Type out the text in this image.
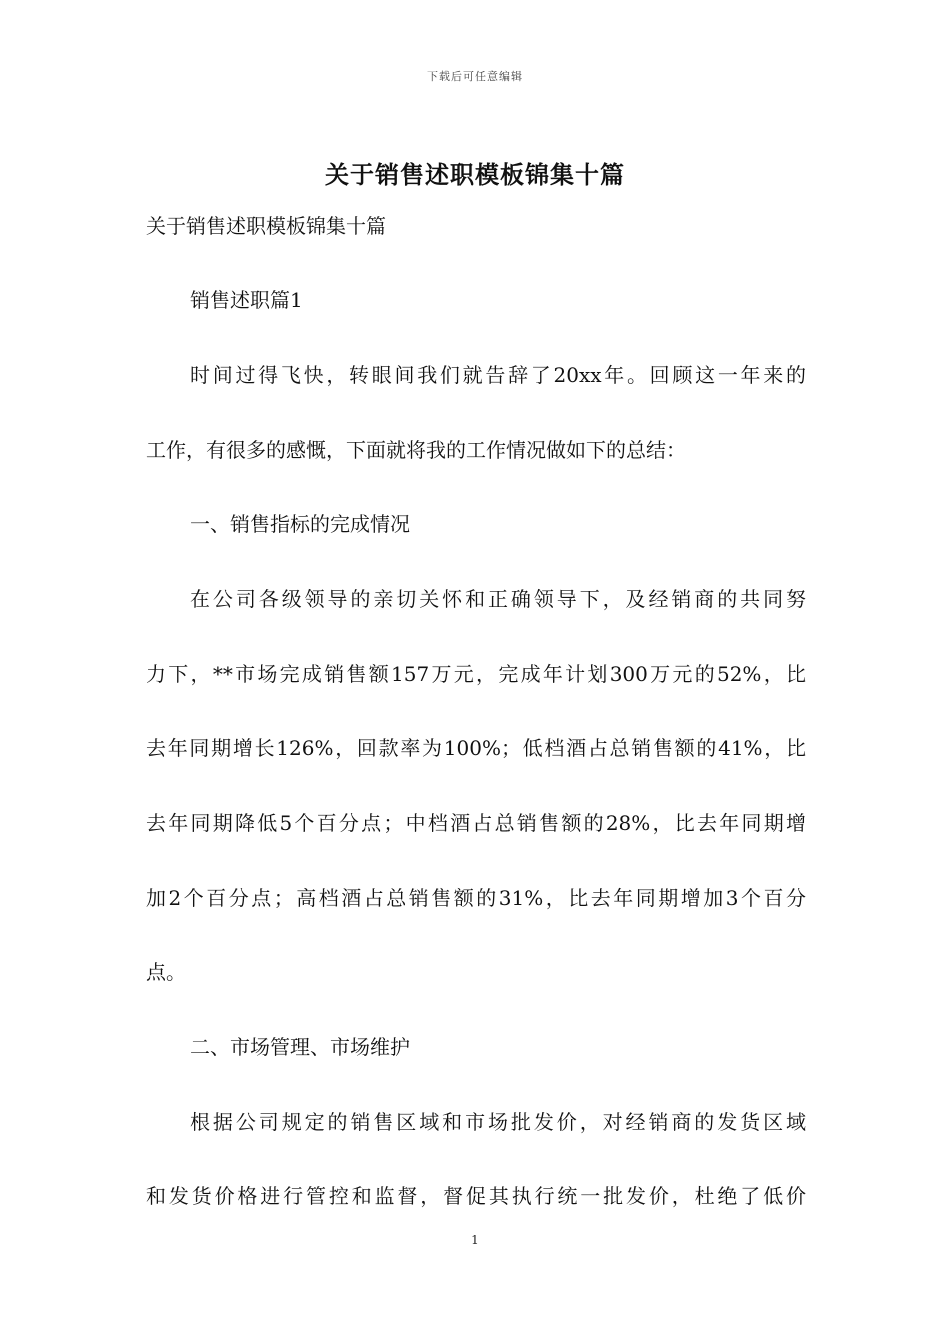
下载后可任意编辑
关于销售述职模板锦集十篇
关于销售述职模板锦集十篇
销售述职篇1
时间过得飞快，转眼间我们就告辞了20xx年。回顾这一年来的
工作，有很多的感慨，下面就将我的工作情况做如下的总结：
一、销售指标的完成情况
在公司各级领导的亲切关怀和正确领导下，及经销商的共同努
力下，**市场完成销售额157万元，完成年计划300万元的52%，比
去年同期增长126%，回款率为100%；低档酒占总销售额的41%，比
去年同期降低5个百分点；中档酒占总销售额的28%，比去年同期增
加2个百分点；高档酒占总销售额的31%，比去年同期增加3个百分
点。
二、市场管理、市场维护
根据公司规定的销售区域和市场批发价，对经销商的发货区域
和发货价格进行管控和监督，督促其执行统一批发价，杜绝了低价
1
